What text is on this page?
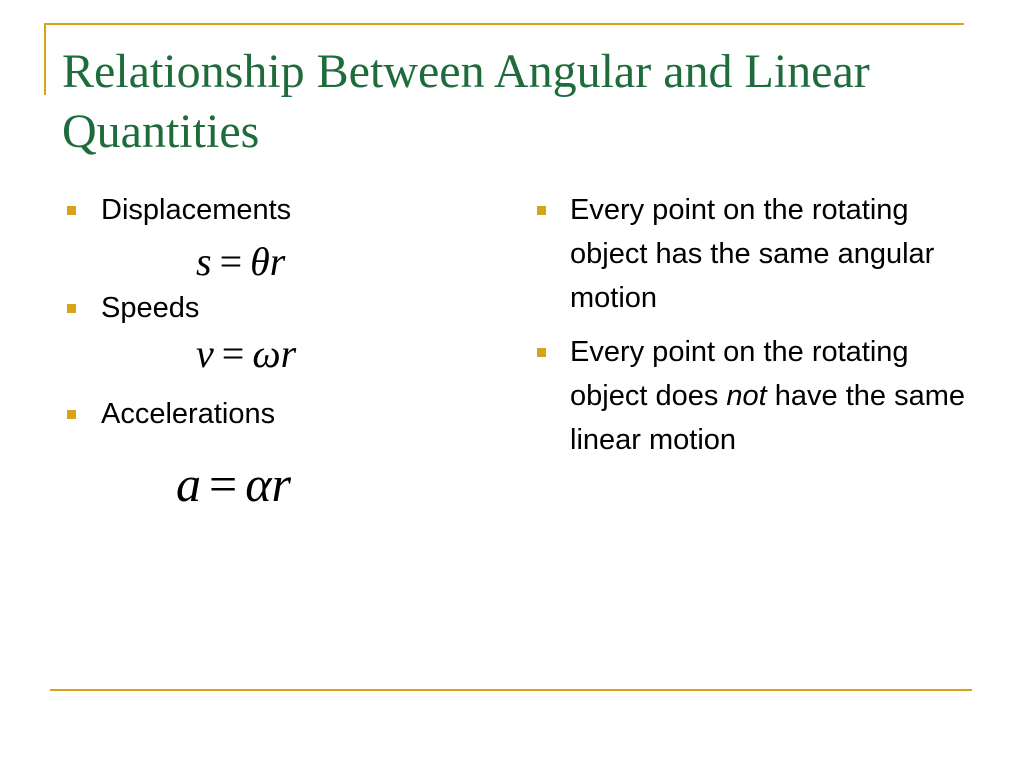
Relationship Between Angular and Linear Quantities

Displacements

s = θr

Speeds

v = ωr

Accelerations

a = αr

Every point on the rotating object has the same angular motion

Every point on the rotating object does not have the same linear motion
